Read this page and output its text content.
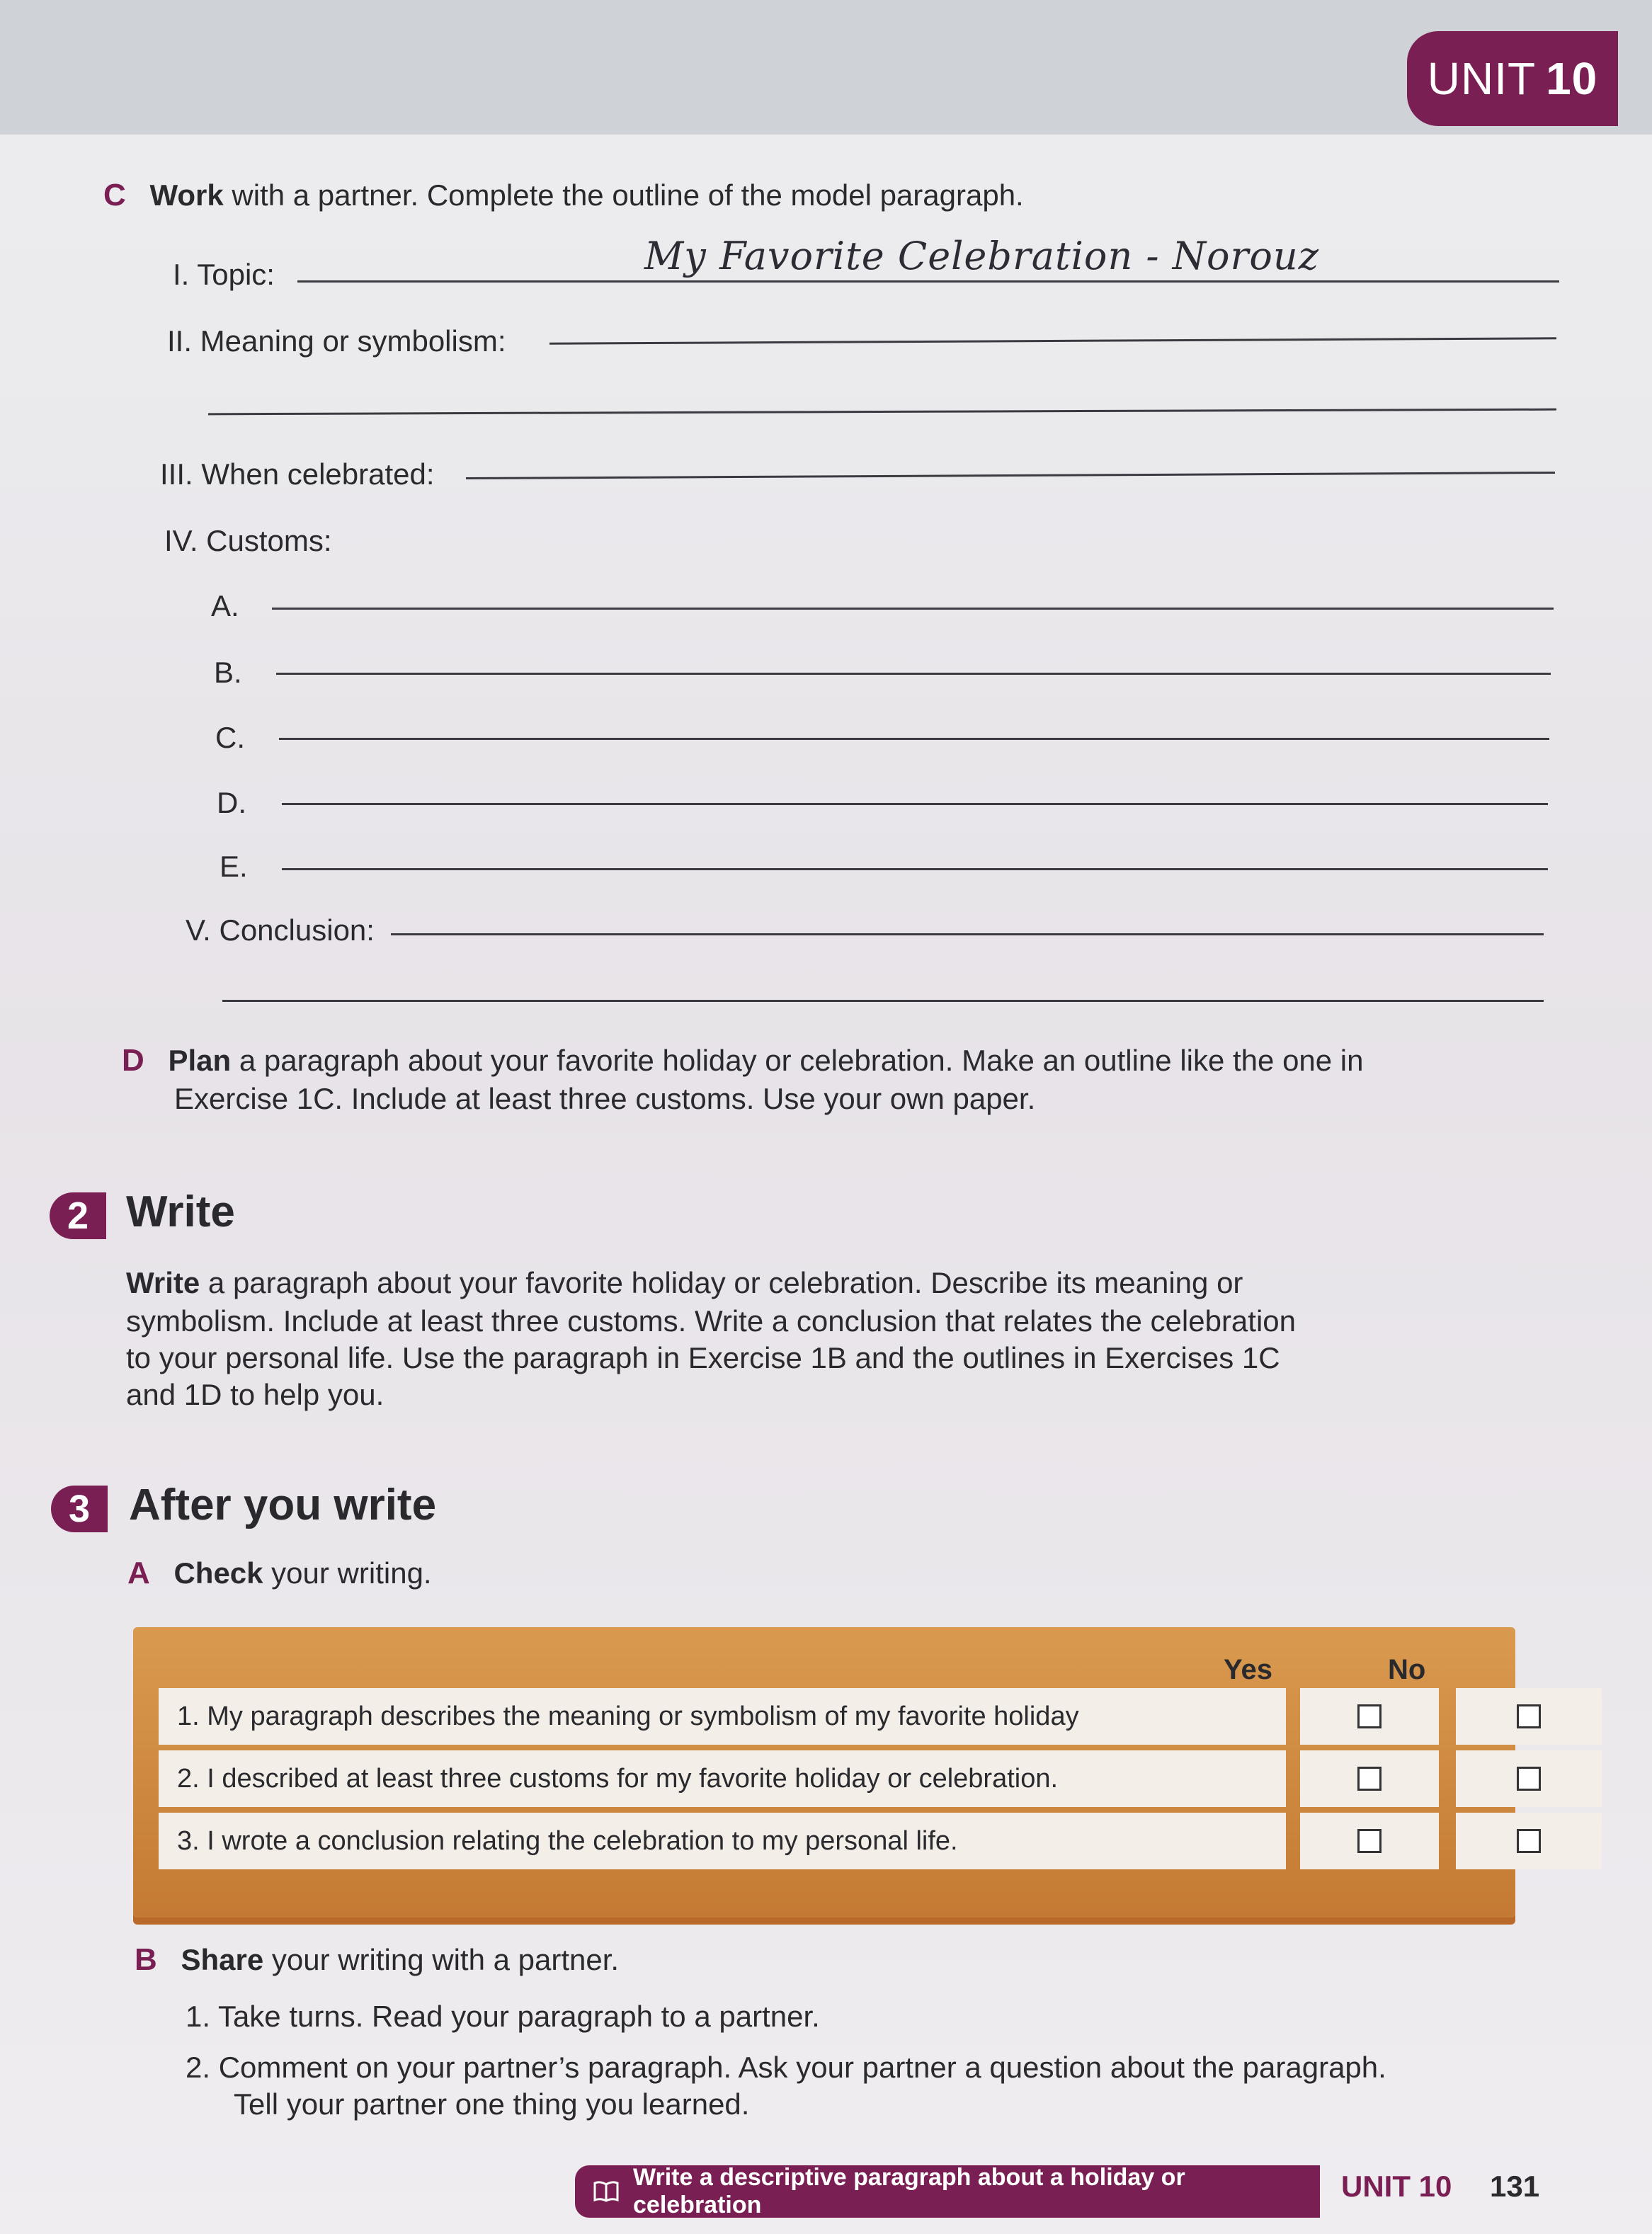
UNIT 10
C Work with a partner. Complete the outline of the model paragraph.
I. Topic:	My Favorite Celebration - Norouz
II. Meaning or symbolism:
III. When celebrated:
IV. Customs:
A.
B.
C.
D.
E.
V. Conclusion:
D Plan a paragraph about your favorite holiday or celebration. Make an outline like the one in
Exercise 1C. Include at least three customs. Use your own paper.
2 Write
Write a paragraph about your favorite holiday or celebration. Describe its meaning or
symbolism. Include at least three customs. Write a conclusion that relates the celebration
to your personal life. Use the paragraph in Exercise 1B and the outlines in Exercises 1C
and 1D to help you.
3 After you write
A Check your writing.
Yes	No
1. My paragraph describes the meaning or symbolism of my favorite holiday
2. I described at least three customs for my favorite holiday or celebration.
3. I wrote a conclusion relating the celebration to my personal life.
B Share your writing with a partner.
1. Take turns. Read your paragraph to a partner.
2. Comment on your partner’s paragraph. Ask your partner a question about the paragraph.
Tell your partner one thing you learned.
Write a descriptive paragraph about a holiday or celebration
UNIT 10 131
